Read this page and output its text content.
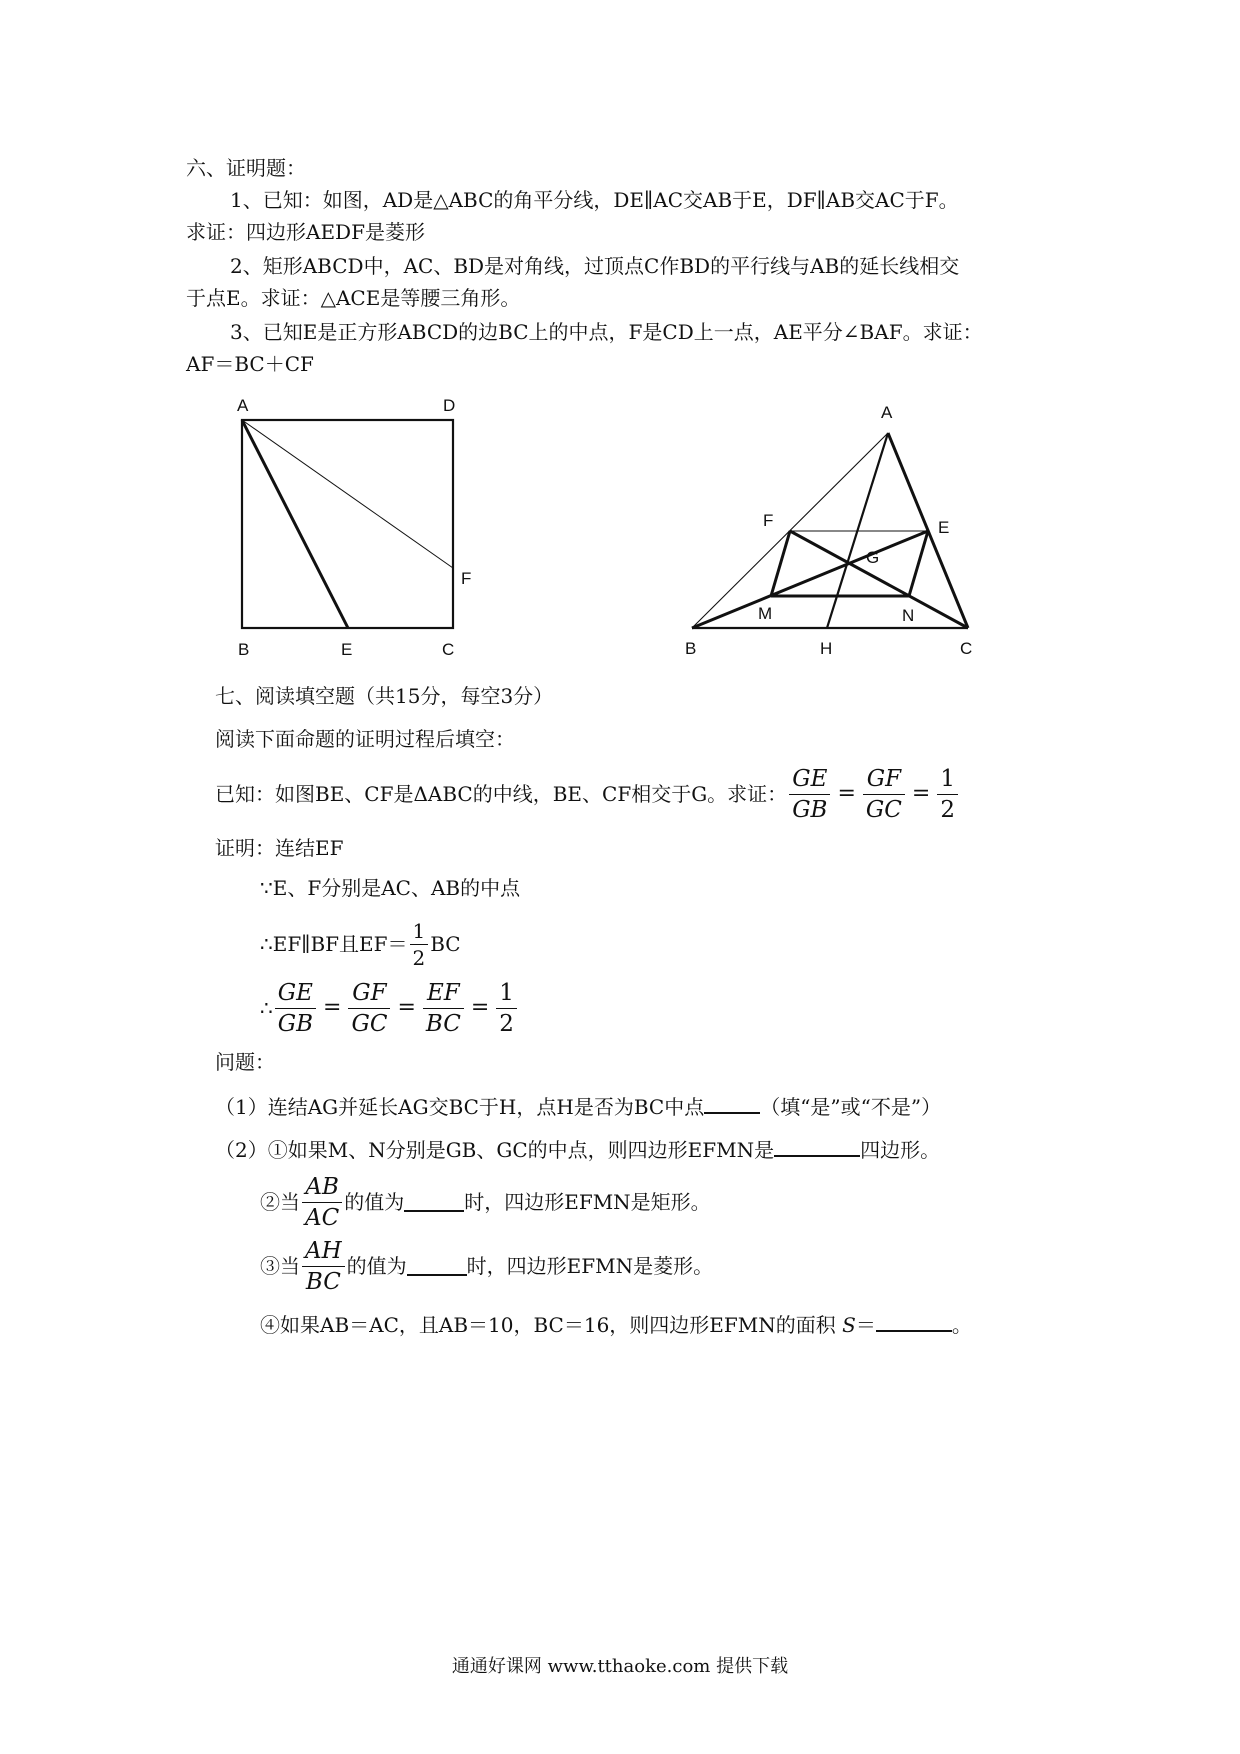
六、证明题：
1、已知：如图，AD是△ABC的角平分线，DE∥AC交AB于E，DF∥AB交AC于F。
求证：四边形AEDF是菱形
2、矩形ABCD中，AC、BD是对角线，过顶点C作BD的平行线与AB的延长线相交
于点E。求证：△ACE是等腰三角形。
3、已知E是正方形ABCD的边BC上的中点，F是CD上一点，AE平分∠BAF。求证：
AF＝BC＋CF
A	D
F
B	E	C
A
F	E
G
M	N
B	H	C
七、阅读填空题（共15分，每空3分）
阅读下面命题的证明过程后填空：
已知：如图BE、CF是ΔABC的中线，BE、CF相交于G。求证： $\frac{GE}{GB} = \frac{GF}{GC} = \frac{1}{2}$
证明：连结EF
∵E、F分别是AC、AB的中点
∴EF∥BF且$EF= \frac{1}{2}$ BC
∴ $\frac{GE}{GB} = \frac{GF}{GC} = \frac{EF}{BC} = \frac{1}{2}$
问题：
（1）连结AG并延长AG交BC于H，点H是否为BC中点	（填“是”或“不是”）
（2）①如果M、N分别是GB、GC的中点，则四边形EFMN是	四边形。
②当 $\frac{AB}{AC}$ 的值为	时，四边形EFMN是矩形。
③当 $\frac{AH}{BC}$ 的值为	时，四边形EFMN是菱形。
④如果AB＝AC，且AB＝10，BC＝16，则四边形EFMN的面积 S＝	。
通通好课网 www.tthaoke.com 提供下载
